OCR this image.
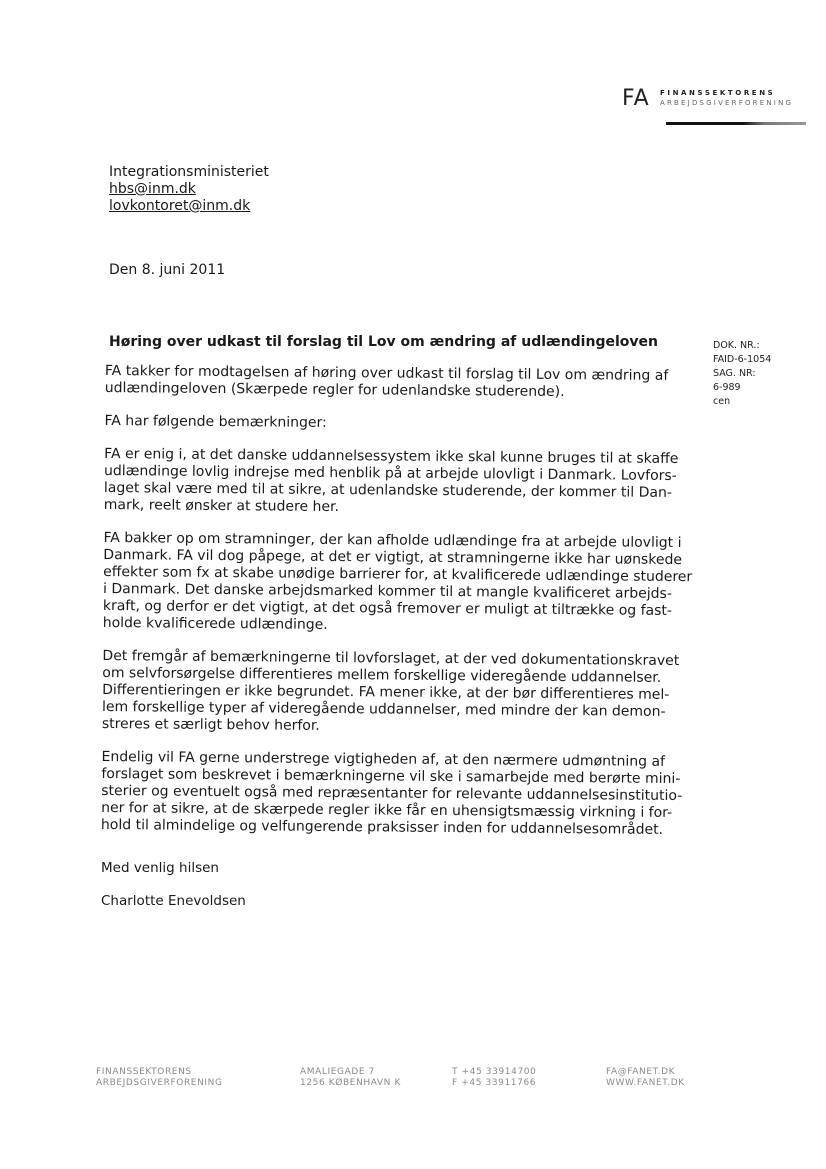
FA FINANSSEKTORENS
ARBEJDSGIVERFORENING
Integrationsministeriet
hbs@inm.dk
lovkontoret@inm.dk
Den 8. juni 2011
Høring over udkast til forslag til Lov om ændring af udlændingeloven	DOK. NR.:
FAID-6-1054
SAG. NR:
6-989
cen

FA takker for modtagelsen af høring over udkast til forslag til Lov om ændring af
udlændingeloven (Skærpede regler for udenlandske studerende).

FA har følgende bemærkninger:

FA er enig i, at det danske uddannelsessystem ikke skal kunne bruges til at skaffe
udlændinge lovlig indrejse med henblik på at arbejde ulovligt i Danmark. Lovfors-
laget skal være med til at sikre, at udenlandske studerende, der kommer til Dan-
mark, reelt ønsker at studere her.

FA bakker op om stramninger, der kan afholde udlændinge fra at arbejde ulovligt i
Danmark. FA vil dog påpege, at det er vigtigt, at stramningerne ikke har uønskede
effekter som fx at skabe unødige barrierer for, at kvalificerede udlændinge studerer
i Danmark. Det danske arbejdsmarked kommer til at mangle kvalificeret arbejds-
kraft, og derfor er det vigtigt, at det også fremover er muligt at tiltrække og fast-
holde kvalificerede udlændinge.

Det fremgår af bemærkningerne til lovforslaget, at der ved dokumentationskravet
om selvforsørgelse differentieres mellem forskellige videregående uddannelser.
Differentieringen er ikke begrundet. FA mener ikke, at der bør differentieres mel-
lem forskellige typer af videregående uddannelser, med mindre der kan demon-
streres et særligt behov herfor.

Endelig vil FA gerne understrege vigtigheden af, at den nærmere udmøntning af
forslaget som beskrevet i bemærkningerne vil ske i samarbejde med berørte mini-
sterier og eventuelt også med repræsentanter for relevante uddannelsesinstitutio-
ner for at sikre, at de skærpede regler ikke får en uhensigtsmæssig virkning i for-
hold til almindelige og velfungerende praksisser inden for uddannelsesområdet.

Med venlig hilsen
Charlotte Enevoldsen
FINANSSEKTORENS
ARBEJDSGIVERFORENING
AMALIEGADE 7
1256 KØBENHAVN K
T +45 33914700
F +45 33911766
FA@FANET.DK
WWW.FANET.DK
